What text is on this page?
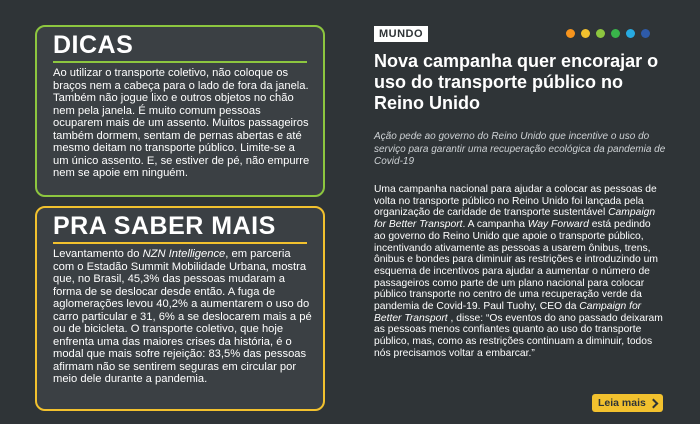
DICAS
Ao utilizar o transporte coletivo, não coloque os braços nem a cabeça para o lado de fora da janela. Também não jogue lixo e outros objetos no chão nem pela janela. É muito comum pessoas ocuparem mais de um assento. Muitos passageiros também dormem, sentam de pernas abertas e até mesmo deitam no transporte público. Limite-se a um único assento. E, se estiver de pé, não empurre nem se apoie em ninguém.
PRA SABER MAIS
Levantamento do NZN Intelligence, em parceria com o Estadão Summit Mobilidade Urbana, mostra que, no Brasil, 45,3% das pessoas mudaram a forma de se deslocar desde então. A fuga de aglomerações levou 40,2% a aumentarem o uso do carro particular e 31, 6% a se deslocarem mais a pé ou de bicicleta. O transporte coletivo, que hoje enfrenta uma das maiores crises da história, é o modal que mais sofre rejeição: 83,5% das pessoas afirmam não se sentirem seguras em circular por meio dele durante a pandemia.
MUNDO
Nova campanha quer encorajar o uso do transporte público no Reino Unido
Ação pede ao governo do Reino Unido que incentive o uso do serviço para garantir uma recuperação ecológica da pandemia de Covid-19
Uma campanha nacional para ajudar a colocar as pessoas de volta no transporte público no Reino Unido foi lançada pela organização de caridade de transporte sustentável Campaign for Better Transport. A campanha Way Forward está pedindo ao governo do Reino Unido que apoie o transporte público, incentivando ativamente as pessoas a usarem ônibus, trens, ônibus e bondes para diminuir as restrições e introduzindo um esquema de incentivos para ajudar a aumentar o número de passageiros como parte de um plano nacional para colocar público transporte no centro de uma recuperação verde da pandemia de Covid-19. Paul Tuohy, CEO da Campaign for Better Transport , disse: “Os eventos do ano passado deixaram as pessoas menos confiantes quanto ao uso do transporte público, mas, como as restrições continuam a diminuir, todos nós precisamos voltar a embarcar.”
Leia mais
